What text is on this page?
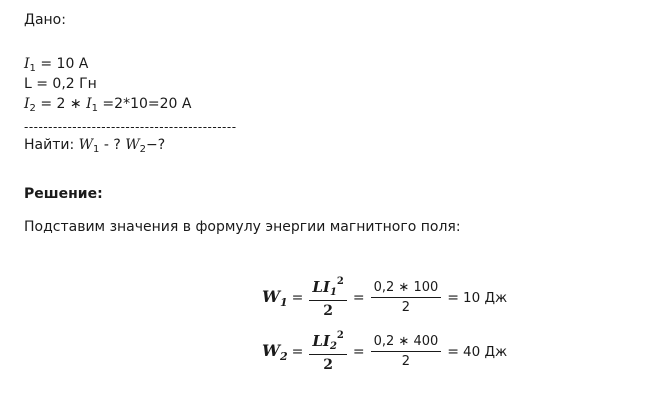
Дано:
$I_1 = 10$ А
L = 0,2 Гн
$I_2 = 2$ ∗ $I_1 =2*10=20$ А
--------------------------------------------
Найти: $W_1$ - ? $W_2-$?
Решение:
Подставим значения в формулу энергии магнитного поля:
$W_1 = \frac{LI_1^2}{2} = \frac{0,2 ∗ 100}{2} = 10$ Дж
$W_2 = \frac{LI_2^2}{2} = \frac{0,2 ∗ 400}{2} = 40$ Дж
